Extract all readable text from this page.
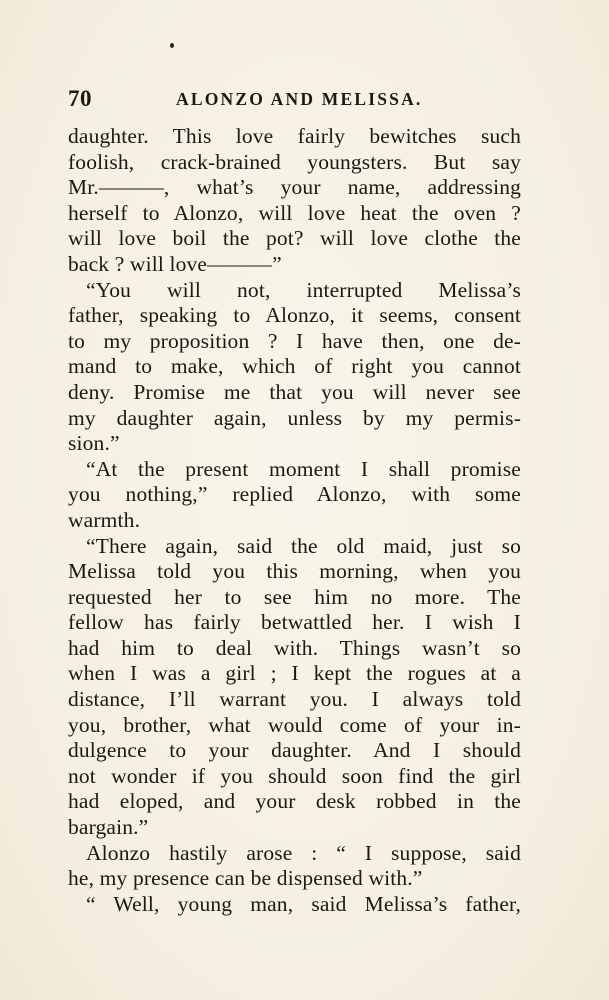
70	ALONZO AND MELISSA.
daughter. This love fairly bewitches such
foolish, crack-brained youngsters. But say
Mr.———, what’s your name, addressing
herself to Alonzo, will love heat the oven ?
will love boil the pot? will love clothe the
back ? will love———”
“You will not, interrupted Melissa’s
father, speaking to Alonzo, it seems, consent
to my proposition ? I have then, one de-
mand to make, which of right you cannot
deny. Promise me that you will never see
my daughter again, unless by my permis-
sion.”
“At the present moment I shall promise
you nothing,” replied Alonzo, with some
warmth.
“There again, said the old maid, just so
Melissa told you this morning, when you
requested her to see him no more. The
fellow has fairly betwattled her. I wish I
had him to deal with. Things wasn’t so
when I was a girl ; I kept the rogues at a
distance, I’ll warrant you. I always told
you, brother, what would come of your in-
dulgence to your daughter. And I should
not wonder if you should soon find the girl
had eloped, and your desk robbed in the
bargain.”
Alonzo hastily arose : “ I suppose, said
he, my presence can be dispensed with.”
“ Well, young man, said Melissa’s father,
